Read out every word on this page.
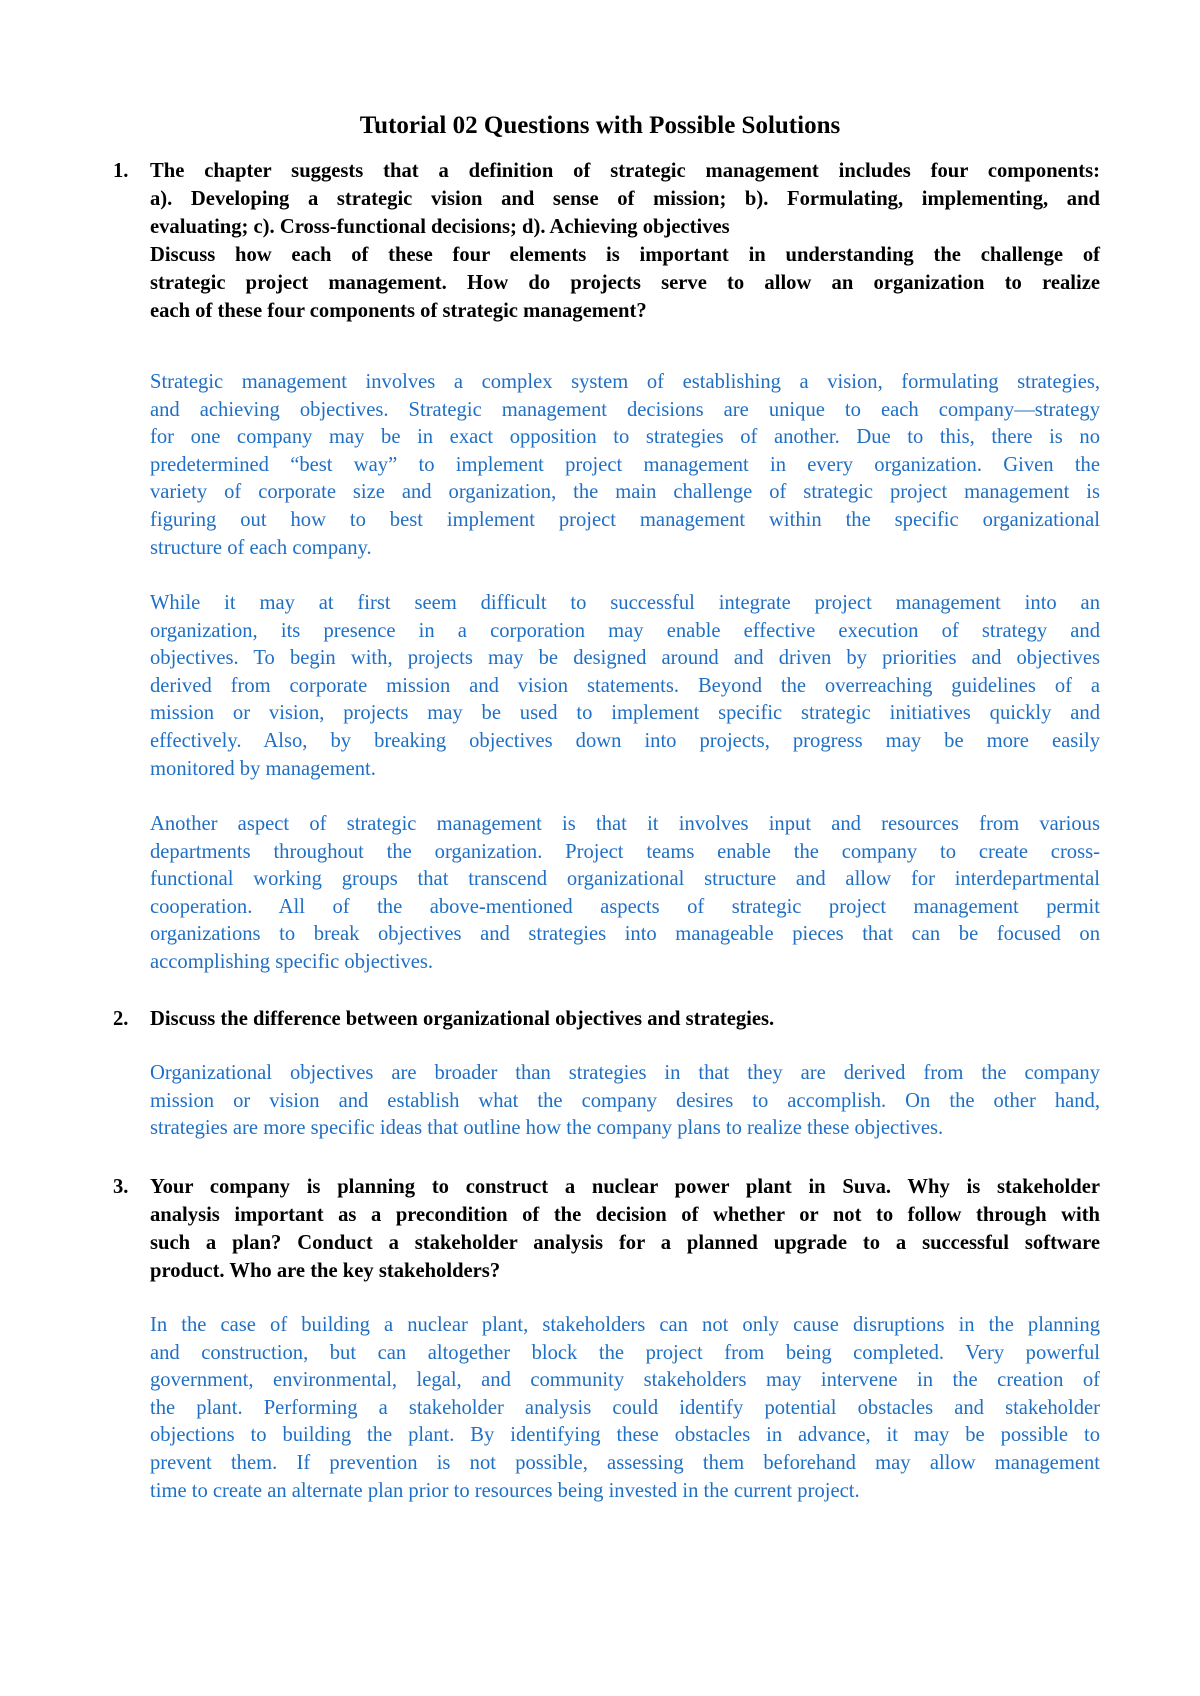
Tutorial 02 Questions with Possible Solutions
1. The chapter suggests that a definition of strategic management includes four components:
a). Developing a strategic vision and sense of mission; b). Formulating, implementing, and
evaluating; c). Cross-functional decisions; d). Achieving objectives
Discuss how each of these four elements is important in understanding the challenge of
strategic project management. How do projects serve to allow an organization to realize
each of these four components of strategic management?
Strategic management involves a complex system of establishing a vision, formulating strategies,
and achieving objectives. Strategic management decisions are unique to each company—strategy
for one company may be in exact opposition to strategies of another. Due to this, there is no
predetermined “best way” to implement project management in every organization. Given the
variety of corporate size and organization, the main challenge of strategic project management is
figuring out how to best implement project management within the specific organizational
structure of each company.
While it may at first seem difficult to successful integrate project management into an
organization, its presence in a corporation may enable effective execution of strategy and
objectives. To begin with, projects may be designed around and driven by priorities and objectives
derived from corporate mission and vision statements. Beyond the overreaching guidelines of a
mission or vision, projects may be used to implement specific strategic initiatives quickly and
effectively. Also, by breaking objectives down into projects, progress may be more easily
monitored by management.
Another aspect of strategic management is that it involves input and resources from various
departments throughout the organization. Project teams enable the company to create cross-
functional working groups that transcend organizational structure and allow for interdepartmental
cooperation. All of the above-mentioned aspects of strategic project management permit
organizations to break objectives and strategies into manageable pieces that can be focused on
accomplishing specific objectives.
2. Discuss the difference between organizational objectives and strategies.
Organizational objectives are broader than strategies in that they are derived from the company
mission or vision and establish what the company desires to accomplish. On the other hand,
strategies are more specific ideas that outline how the company plans to realize these objectives.
3. Your company is planning to construct a nuclear power plant in Suva. Why is stakeholder
analysis important as a precondition of the decision of whether or not to follow through with
such a plan? Conduct a stakeholder analysis for a planned upgrade to a successful software
product. Who are the key stakeholders?
In the case of building a nuclear plant, stakeholders can not only cause disruptions in the planning
and construction, but can altogether block the project from being completed. Very powerful
government, environmental, legal, and community stakeholders may intervene in the creation of
the plant. Performing a stakeholder analysis could identify potential obstacles and stakeholder
objections to building the plant. By identifying these obstacles in advance, it may be possible to
prevent them. If prevention is not possible, assessing them beforehand may allow management
time to create an alternate plan prior to resources being invested in the current project.
